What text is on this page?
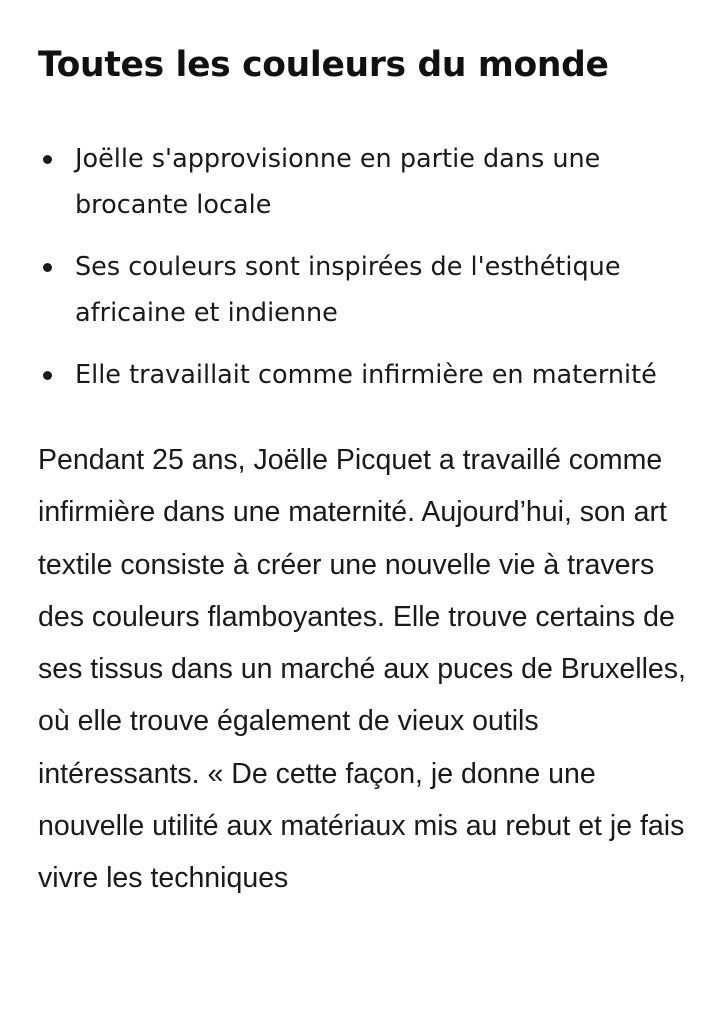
Toutes les couleurs du monde
Joëlle s'approvisionne en partie dans une brocante locale
Ses couleurs sont inspirées de l'esthétique africaine et indienne
Elle travaillait comme infirmière en maternité

Pendant 25 ans, Joëlle Picquet a travaillé comme infirmière dans une maternité. Aujourd’hui, son art textile consiste à créer une nouvelle vie à travers des couleurs flamboyantes. Elle trouve certains de ses tissus dans un marché aux puces de Bruxelles, où elle trouve également de vieux outils intéressants. « De cette façon, je donne une nouvelle utilité aux matériaux mis au rebut et je fais vivre les techniques
